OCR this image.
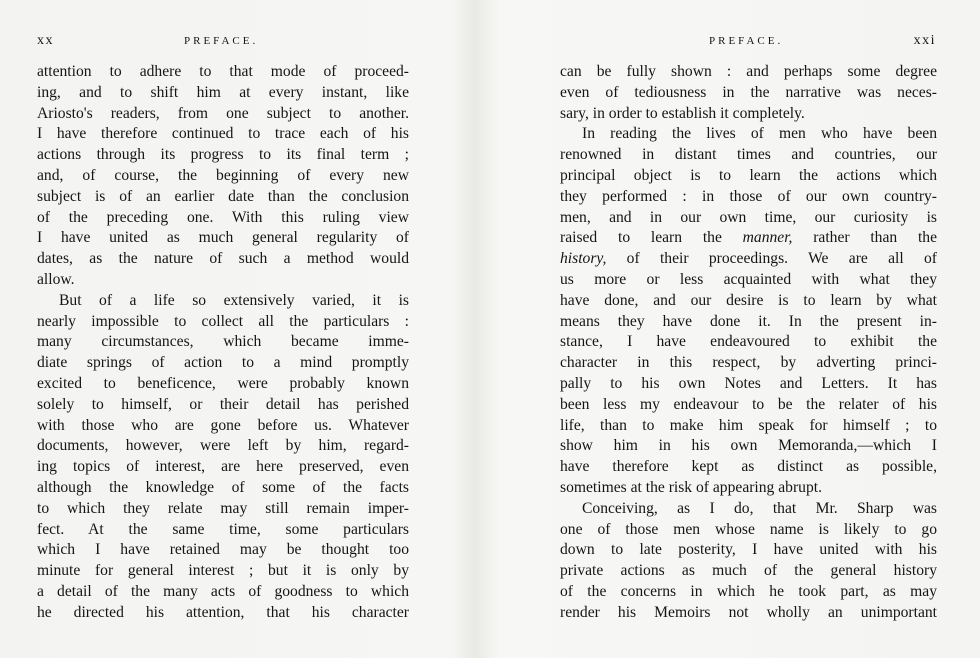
xx	PREFACE.
attention to adhere to that mode of proceed-
ing, and to shift him at every instant, like
Ariosto's readers, from one subject to another.
I have therefore continued to trace each of his
actions through its progress to its final term ;
and, of course, the beginning of every new
subject is of an earlier date than the conclusion
of the preceding one. With this ruling view
I have united as much general regularity of
dates, as the nature of such a method would
allow.
But of a life so extensively varied, it is
nearly impossible to collect all the particulars :
many circumstances, which became imme-
diate springs of action to a mind promptly
excited to beneficence, were probably known
solely to himself, or their detail has perished
with those who are gone before us. Whatever
documents, however, were left by him, regard-
ing topics of interest, are here preserved, even
although the knowledge of some of the facts
to which they relate may still remain imper-
fect. At the same time, some particulars
which I have retained may be thought too
minute for general interest ; but it is only by
a detail of the many acts of goodness to which
he directed his attention, that his character
PREFACE.	xxi
can be fully shown : and perhaps some degree
even of tediousness in the narrative was neces-
sary, in order to establish it completely.
In reading the lives of men who have been
renowned in distant times and countries, our
principal object is to learn the actions which
they performed : in those of our own country-
men, and in our own time, our curiosity is
raised to learn the manner, rather than the
history, of their proceedings. We are all of
us more or less acquainted with what they
have done, and our desire is to learn by what
means they have done it. In the present in-
stance, I have endeavoured to exhibit the
character in this respect, by adverting princi-
pally to his own Notes and Letters. It has
been less my endeavour to be the relater of his
life, than to make him speak for himself ; to
show him in his own Memoranda,—which I
have therefore kept as distinct as possible,
sometimes at the risk of appearing abrupt.
Conceiving, as I do, that Mr. Sharp was
one of those men whose name is likely to go
down to late posterity, I have united with his
private actions as much of the general history
of the concerns in which he took part, as may
render his Memoirs not wholly an unimportant
